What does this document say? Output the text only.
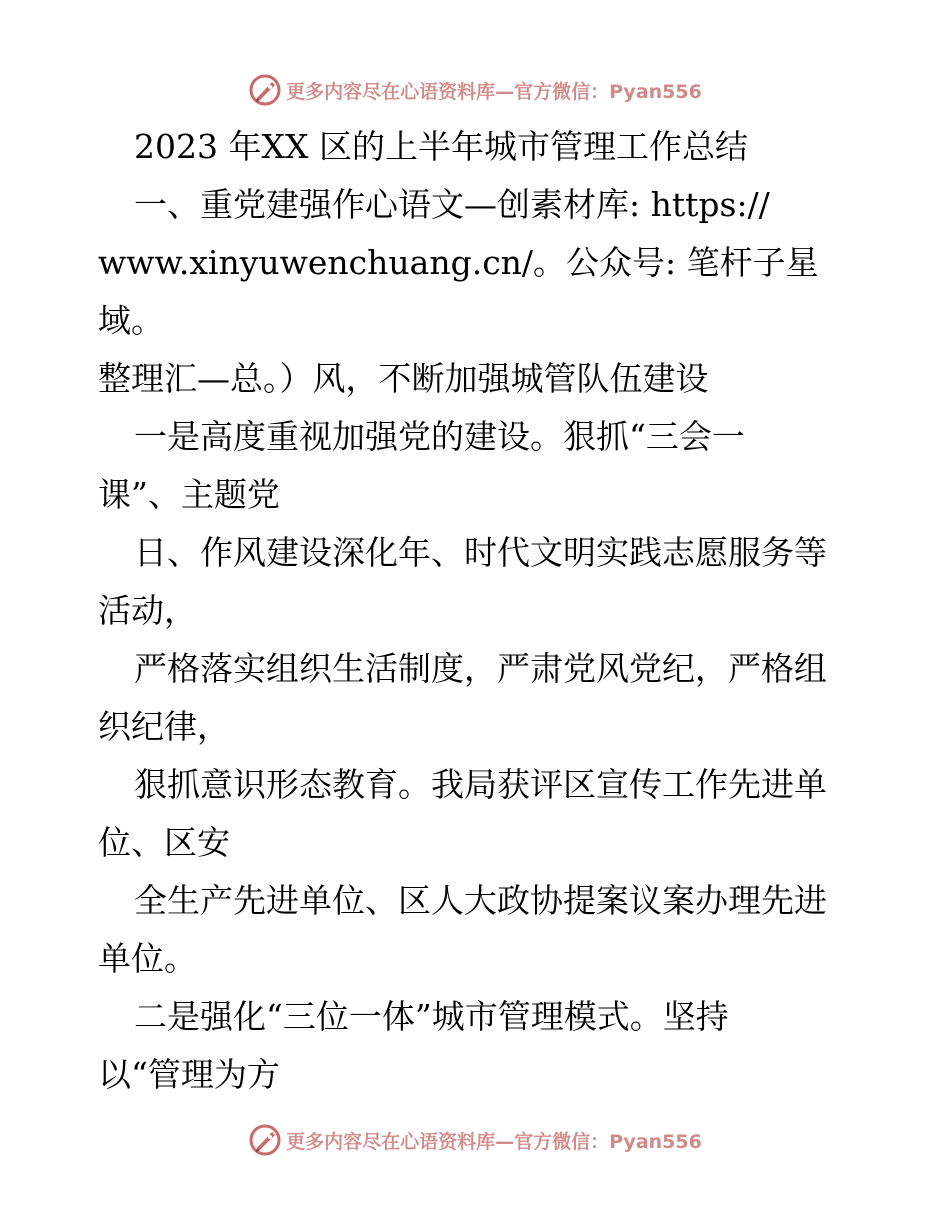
更多内容尽在心语资料库—官方微信：Pyan556

2023 年XX 区的上半年城市管理工作总结

一、重党建强作心语文—创素材库: https://

www.xinyuwenchuang.cn/。公众号: 笔杆子星域。

整理汇—总。）风，不断加强城管队伍建设

一是高度重视加强党的建设。狠抓“三会一

课”、主题党

日、作风建设深化年、时代文明实践志愿服务等

活动，

严格落实组织生活制度，严肃党风党纪，严格组

织纪律，

狠抓意识形态教育。我局获评区宣传工作先进单

位、区安

全生产先进单位、区人大政协提案议案办理先进

单位。

二是强化“三位一体”城市管理模式。坚持

以“管理为方

更多内容尽在心语资料库—官方微信：Pyan556
